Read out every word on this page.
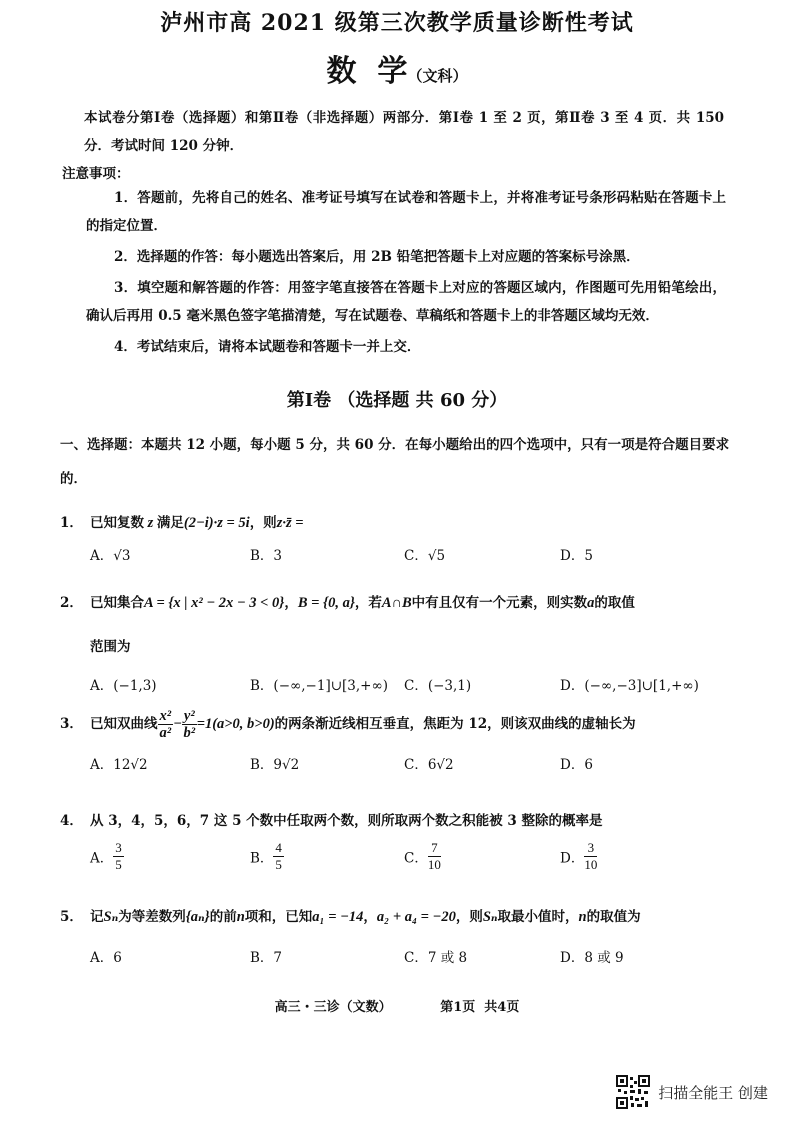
泸州市高 2021 级第三次教学质量诊断性考试
数  学（文科）
本试卷分第Ⅰ卷（选择题）和第Ⅱ卷（非选择题）两部分．第Ⅰ卷 1 至 2 页，第Ⅱ卷 3 至 4 页．共 150 分．考试时间 120 分钟．
注意事项：

1．答题前，先将自己的姓名、准考证号填写在试卷和答题卡上，并将准考证号条形码粘贴在答题卡上的指定位置．

2．选择题的作答：每小题选出答案后，用 2B 铅笔把答题卡上对应题的答案标号涂黑．

3．填空题和解答题的作答：用签字笔直接答在答题卡上对应的答题区域内，作图题可先用铅笔绘出，确认后再用 0.5 毫米黑色签字笔描清楚，写在试题卷、草稿纸和答题卡上的非答题区域均无效．

4．考试结束后，请将本试题卷和答题卡一并上交．

第Ⅰ卷 （选择题 共 60 分）
一、选择题：本题共 12 小题，每小题 5 分，共 60 分．在每小题给出的四个选项中，只有一项是符合题目要求的．
1． 已知复数 z 满足(2−i)·z = 5i，则z·z̄ =
A．√3	B．3	C．√5	D．5
2． 已知集合A = {x | x² − 2x − 3 < 0}，B = {0, a}，若A∩B中有且仅有一个元素，则实数a的取值
范围为
A．(−1,3)	B．(−∞,−1]∪[3,+∞) C．(−3,1)	D．(−∞,−3]∪[1,+∞)
3． 已知双曲线 $\frac{\text{x²}}{\text{a²}} - \frac{\text{y²}}{\text{b²}} =1(a>0$, b>0)的两条渐近线相互垂直，焦距为 12，则该双曲线的虚轴长为
A．12√2	B．9√2	C．6√2	D．6
4． 从 3，4，5，6，7 这 5 个数中任取两个数，则所取两个数之积能被 3 整除的概率是
A． $\frac{3}{5}$	B． $\frac{4}{5}$	C． $\frac{7}{10}$	D． $\frac{3}{10}$
5． 记Sₙ为等差数列{aₙ}的前n项和，已知a₁ = −14，a₂ + a₄ = −20，则Sₙ取最小值时，n的取值为
A．6	B．7	C．7 或 8	D．8 或 9
高三・三诊（文数）	第1页  共4页
扫描全能王 创建
